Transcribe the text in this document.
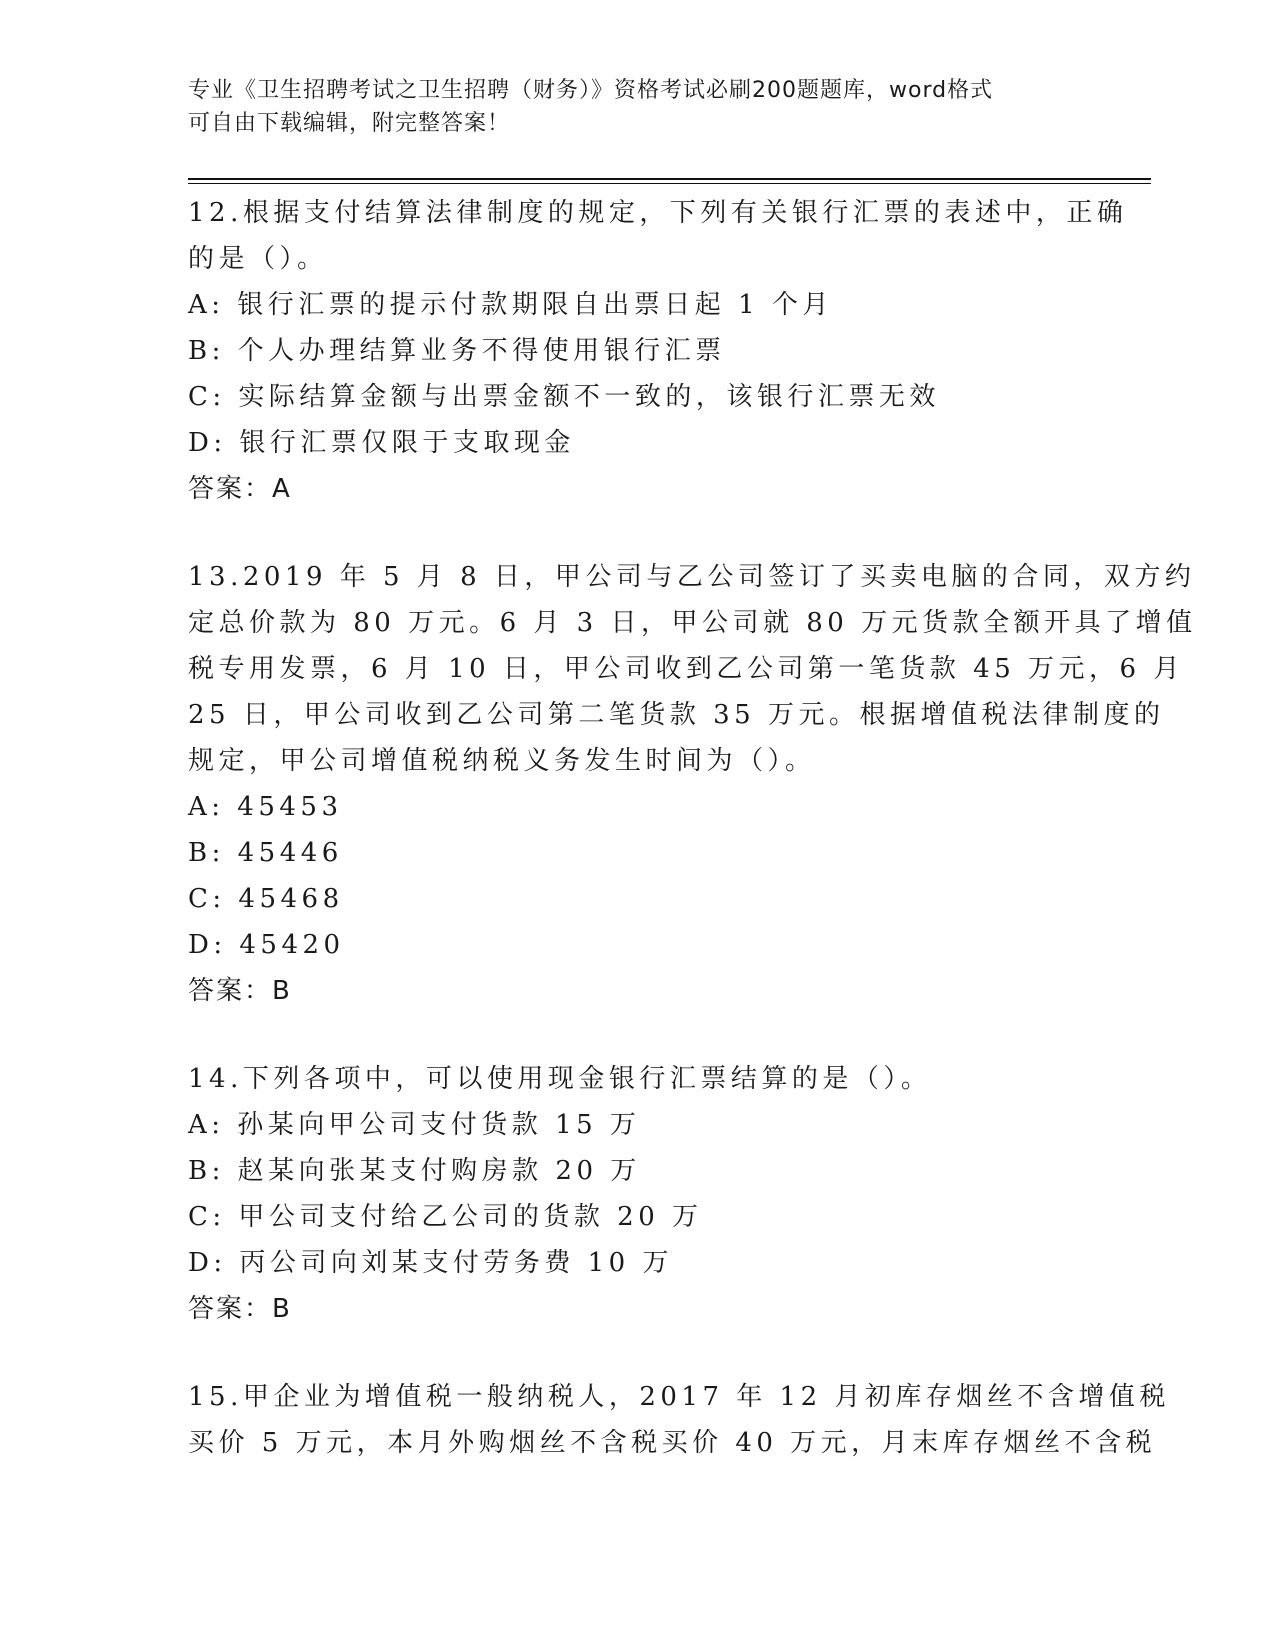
专业《卫生招聘考试之卫生招聘（财务）》资格考试必刷200题题库，word格式
可自由下载编辑，附完整答案！
12.根据支付结算法律制度的规定，下列有关银行汇票的表述中，正确
的是（）。
A: 银行汇票的提示付款期限自出票日起 1 个月
B: 个人办理结算业务不得使用银行汇票
C: 实际结算金额与出票金额不一致的，该银行汇票无效
D: 银行汇票仅限于支取现金
答案：A
13.2019 年 5 月 8 日，甲公司与乙公司签订了买卖电脑的合同，双方约
定总价款为 80 万元。6 月 3 日，甲公司就 80 万元货款全额开具了增值
税专用发票，6 月 10 日，甲公司收到乙公司第一笔货款 45 万元，6 月
25 日，甲公司收到乙公司第二笔货款 35 万元。根据增值税法律制度的
规定，甲公司增值税纳税义务发生时间为（）。
A: 45453
B: 45446
C: 45468
D: 45420
答案：B
14.下列各项中，可以使用现金银行汇票结算的是（）。
A: 孙某向甲公司支付货款 15 万
B: 赵某向张某支付购房款 20 万
C: 甲公司支付给乙公司的货款 20 万
D: 丙公司向刘某支付劳务费 10 万
答案：B
15.甲企业为增值税一般纳税人，2017 年 12 月初库存烟丝不含增值税
买价 5 万元，本月外购烟丝不含税买价 40 万元，月末库存烟丝不含税
